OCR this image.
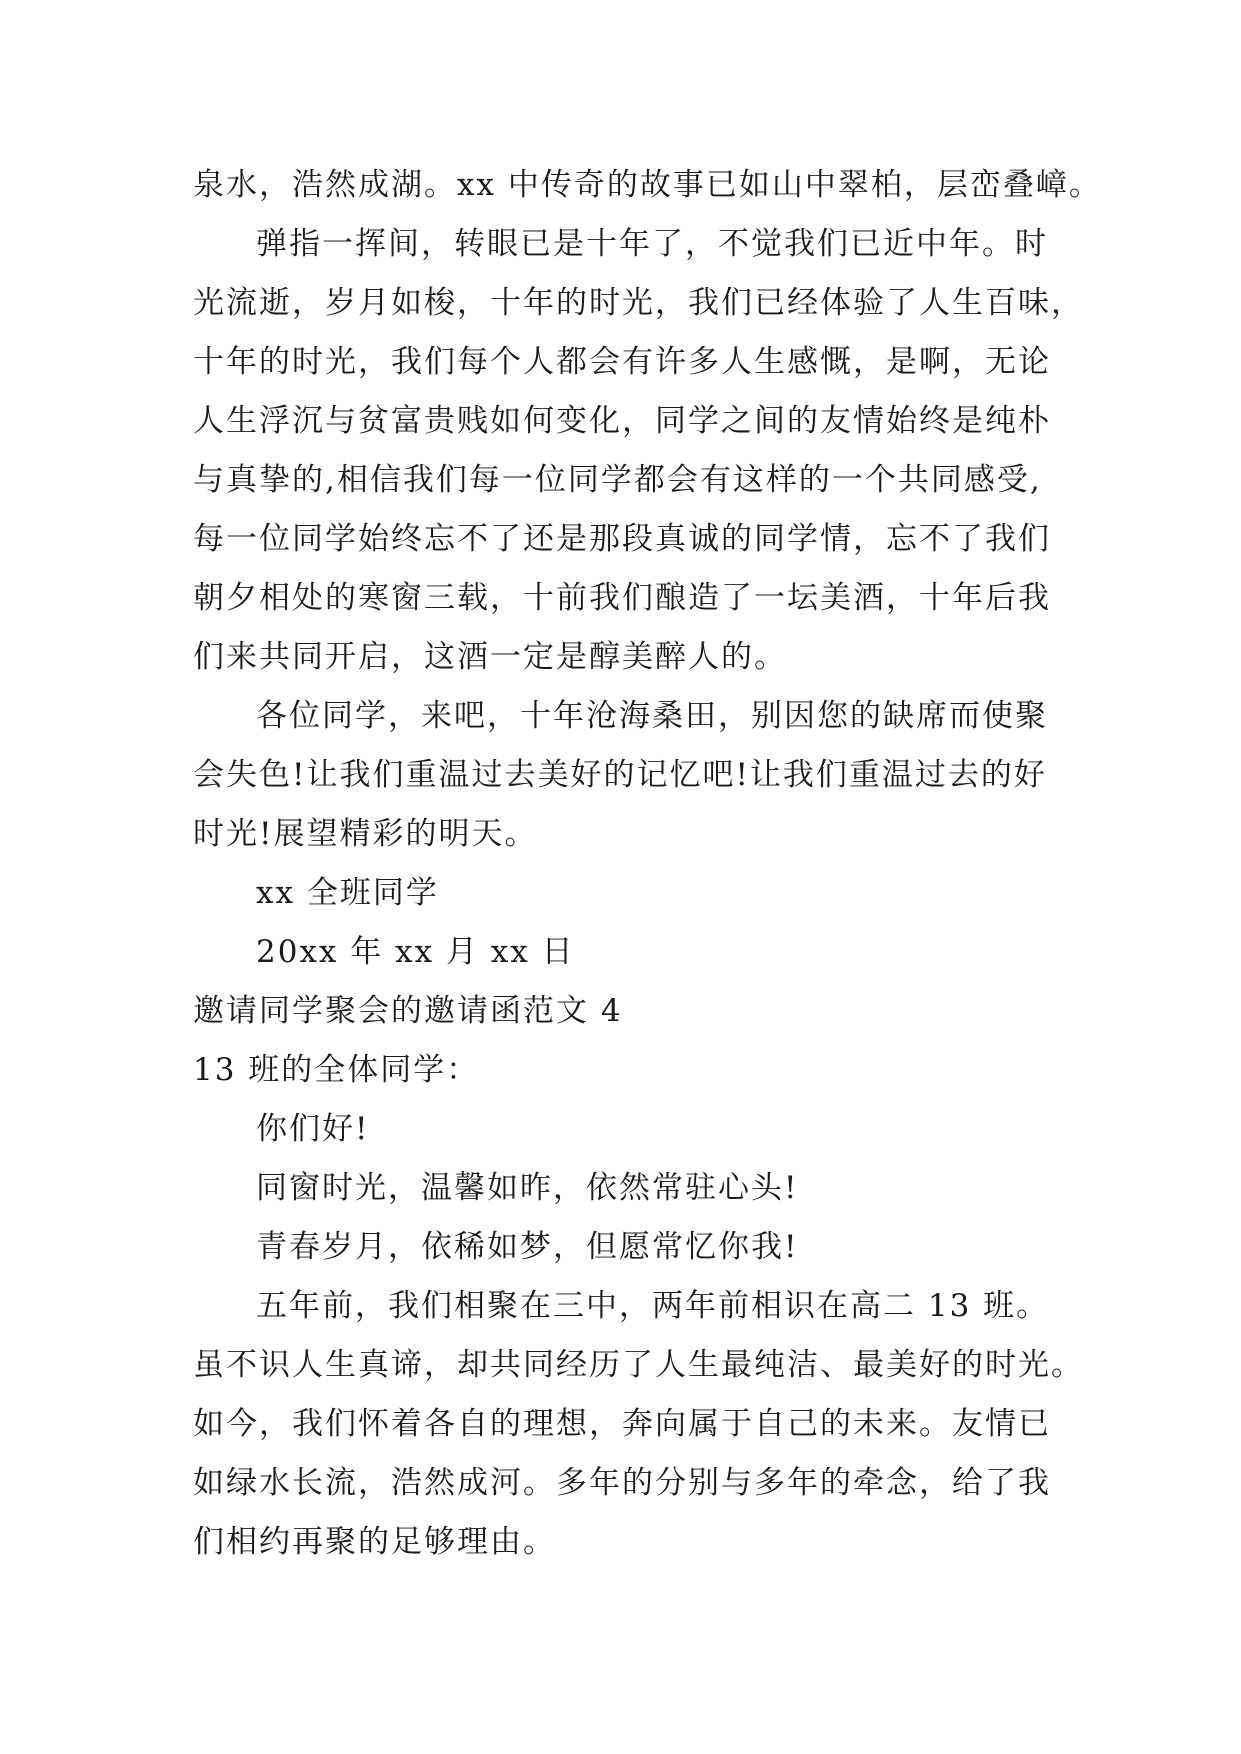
泉水，浩然成湖。xx 中传奇的故事已如山中翠柏，层峦叠嶂。
弹指一挥间，转眼已是十年了，不觉我们已近中年。时
光流逝，岁月如梭，十年的时光，我们已经体验了人生百味，
十年的时光，我们每个人都会有许多人生感慨，是啊，无论
人生浮沉与贫富贵贱如何变化，同学之间的友情始终是纯朴
与真挚的,相信我们每一位同学都会有这样的一个共同感受,
每一位同学始终忘不了还是那段真诚的同学情，忘不了我们
朝夕相处的寒窗三载，十前我们酿造了一坛美酒，十年后我
们来共同开启，这酒一定是醇美醉人的。
各位同学，来吧，十年沧海桑田，别因您的缺席而使聚
会失色!让我们重温过去美好的记忆吧!让我们重温过去的好
时光!展望精彩的明天。
xx 全班同学
20xx 年 xx 月 xx 日
邀请同学聚会的邀请函范文 4
13 班的全体同学：
你们好!
同窗时光，温馨如昨，依然常驻心头!
青春岁月，依稀如梦，但愿常忆你我!
五年前，我们相聚在三中，两年前相识在高二 13 班。
虽不识人生真谛，却共同经历了人生最纯洁、最美好的时光。
如今，我们怀着各自的理想，奔向属于自己的未来。友情已
如绿水长流，浩然成河。多年的分别与多年的牵念，给了我
们相约再聚的足够理由。
